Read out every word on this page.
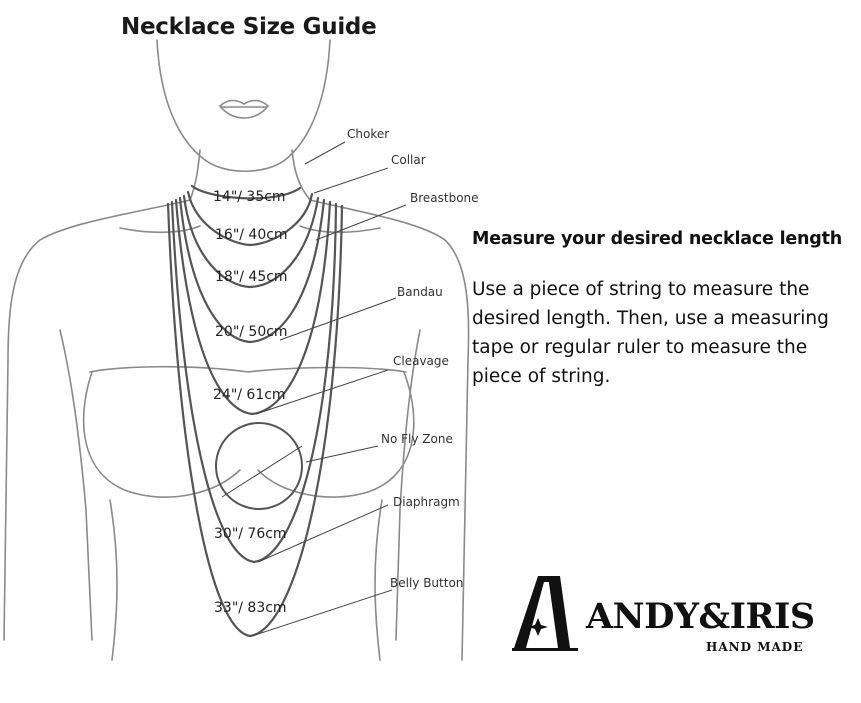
Necklace Size Guide
Choker
Collar
Breastbone
Bandau
Cleavage
No Fly Zone
Diaphragm
Belly Button
14"/ 35cm
16"/ 40cm
18"/ 45cm
20"/ 50cm
24"/ 61cm
30"/ 76cm
33"/ 83cm

Measure your desired necklace length

Use a piece of string to measure the desired length. Then, use a measuring tape or regular ruler to measure the piece of string.

ANDY&IRIS
HAND MADE
